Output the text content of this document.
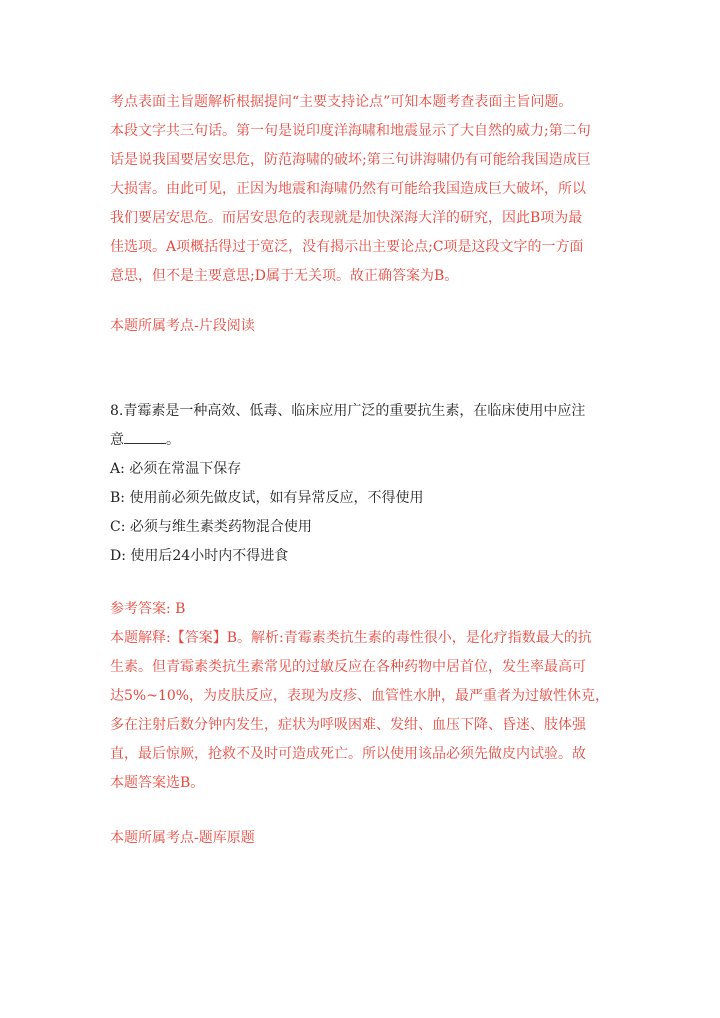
考点表面主旨题解析根据提问“主要支持论点”可知本题考查表面主旨问题。
本段文字共三句话。第一句是说印度洋海啸和地震显示了大自然的威力;第二句
话是说我国要居安思危，防范海啸的破坏;第三句讲海啸仍有可能给我国造成巨
大损害。由此可见，正因为地震和海啸仍然有可能给我国造成巨大破坏，所以
我们要居安思危。而居安思危的表现就是加快深海大洋的研究，因此B项为最
佳选项。A项概括得过于宽泛，没有揭示出主要论点;C项是这段文字的一方面
意思，但不是主要意思;D属于无关项。故正确答案为B。
本题所属考点-片段阅读
8.青霉素是一种高效、低毒、临床应用广泛的重要抗生素，在临床使用中应注
意	。
A: 必须在常温下保存
B: 使用前必须先做皮试，如有异常反应，不得使用
C: 必须与维生素类药物混合使用
D: 使用后24小时内不得进食
参考答案: B
本题解释:【答案】B。解析:青霉素类抗生素的毒性很小，是化疗指数最大的抗
生素。但青霉素类抗生素常见的过敏反应在各种药物中居首位，发生率最高可
达5%~10%，为皮肤反应，表现为皮疹、血管性水肿，最严重者为过敏性休克，
多在注射后数分钟内发生，症状为呼吸困难、发绀、血压下降、昏迷、肢体强
直，最后惊厥，抢救不及时可造成死亡。所以使用该品必须先做皮内试验。故
本题答案选B。
本题所属考点-题库原题
